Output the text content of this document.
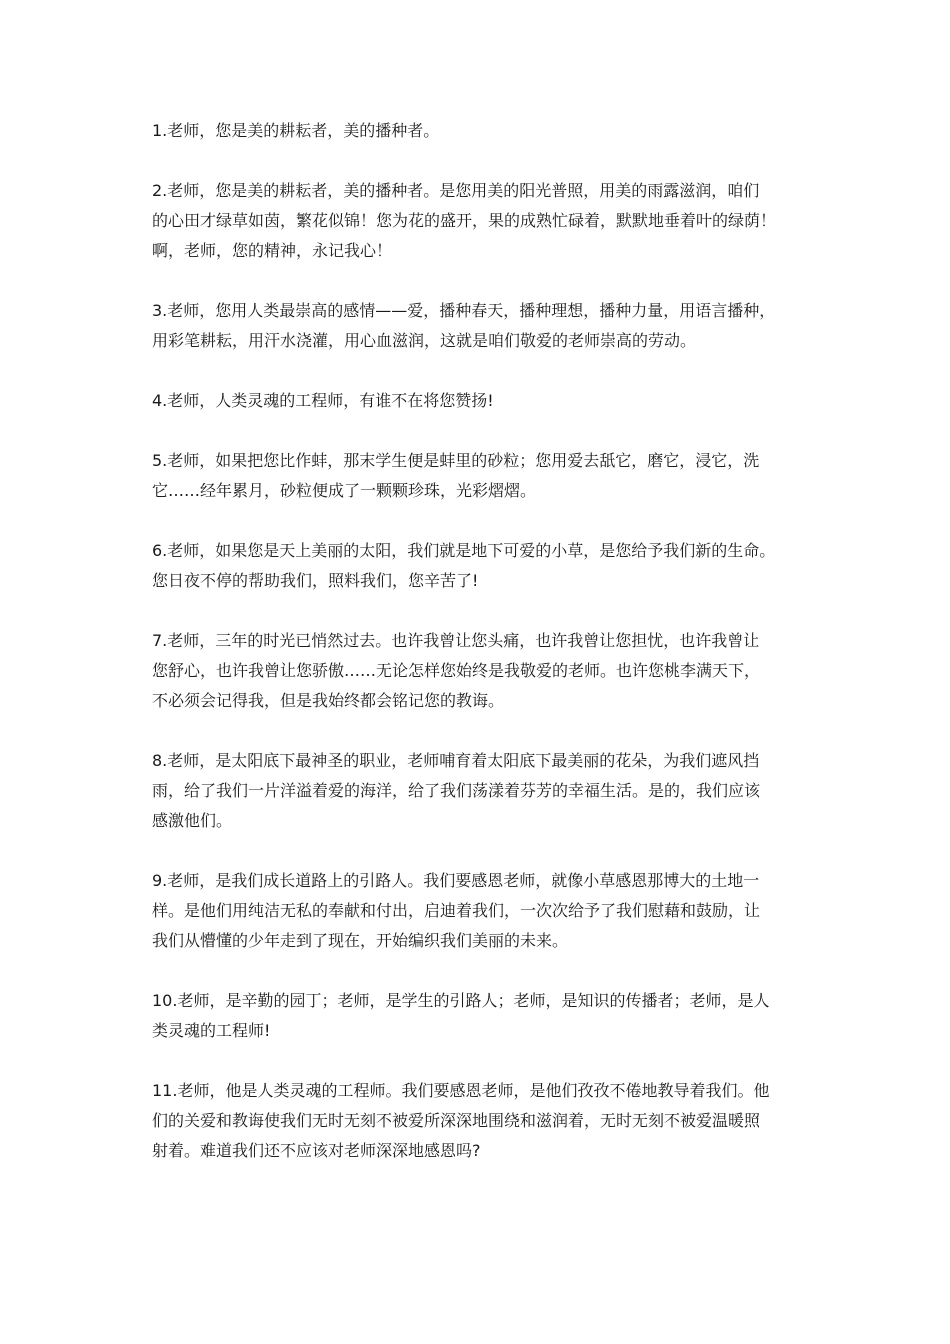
1.老师，您是美的耕耘者，美的播种者。

2.老师，您是美的耕耘者，美的播种者。是您用美的阳光普照，用美的雨露滋润，咱们
的心田才绿草如茵，繁花似锦！您为花的盛开，果的成熟忙碌着，默默地垂着叶的绿荫！
啊，老师，您的精神，永记我心！

3.老师，您用人类最崇高的感情——爱，播种春天，播种理想，播种力量，用语言播种，
用彩笔耕耘，用汗水浇灌，用心血滋润，这就是咱们敬爱的老师崇高的劳动。

4.老师，人类灵魂的工程师，有谁不在将您赞扬!

5.老师，如果把您比作蚌，那末学生便是蚌里的砂粒；您用爱去舐它，磨它，浸它，洗
它……经年累月，砂粒便成了一颗颗珍珠，光彩熠熠。

6.老师，如果您是天上美丽的太阳，我们就是地下可爱的小草，是您给予我们新的生命。
您日夜不停的帮助我们，照料我们，您辛苦了!

7.老师，三年的时光已悄然过去。也许我曾让您头痛，也许我曾让您担忧，也许我曾让
您舒心，也许我曾让您骄傲……无论怎样您始终是我敬爱的老师。也许您桃李满天下，
不必须会记得我，但是我始终都会铭记您的教诲。

8.老师，是太阳底下最神圣的职业，老师哺育着太阳底下最美丽的花朵，为我们遮风挡
雨，给了我们一片洋溢着爱的海洋，给了我们荡漾着芬芳的幸福生活。是的，我们应该
感激他们。

9.老师，是我们成长道路上的引路人。我们要感恩老师，就像小草感恩那博大的土地一
样。是他们用纯洁无私的奉献和付出，启迪着我们，一次次给予了我们慰藉和鼓励，让
我们从懵懂的少年走到了现在，开始编织我们美丽的未来。

10.老师，是辛勤的园丁；老师，是学生的引路人；老师，是知识的传播者；老师，是人
类灵魂的工程师!

11.老师，他是人类灵魂的工程师。我们要感恩老师，是他们孜孜不倦地教导着我们。他
们的关爱和教诲使我们无时无刻不被爱所深深地围绕和滋润着，无时无刻不被爱温暖照
射着。难道我们还不应该对老师深深地感恩吗?
